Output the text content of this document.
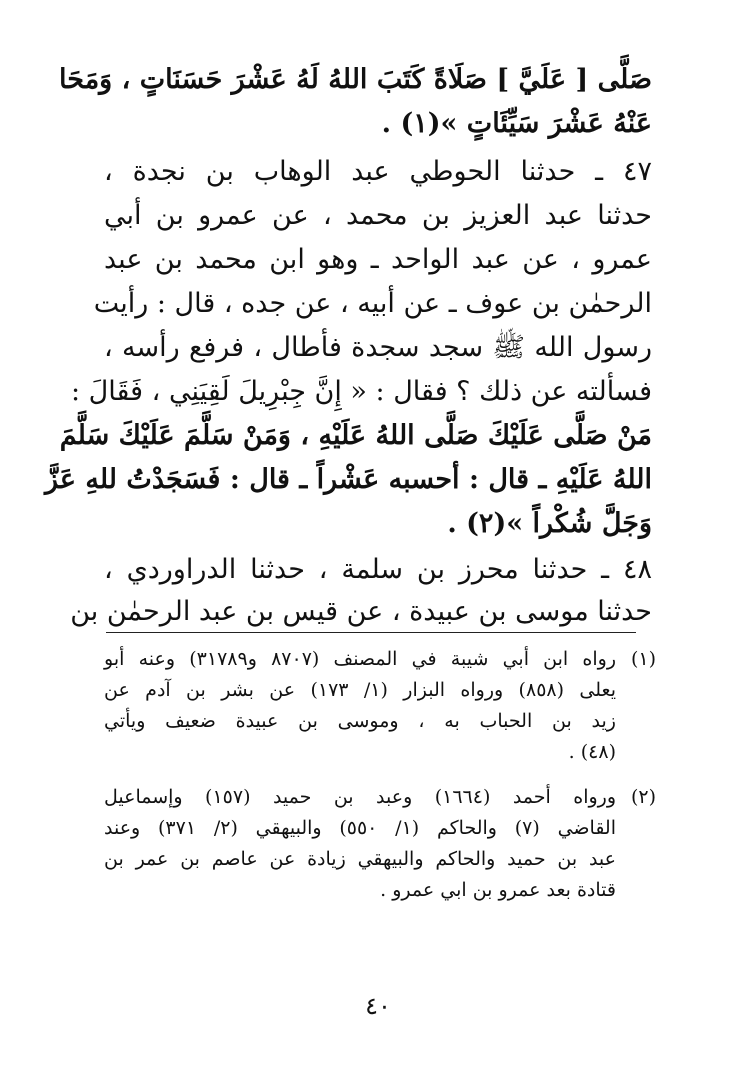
صَلَّى [ عَلَيَّ ] صَلَاةً كَتَبَ اللهُ لَهُ عَشْرَ حَسَنَاتٍ ، وَمَحَا
عَنْهُ عَشْرَ سَيِّئَاتٍ »(١) .
٤٧ ـ حدثنا الحوطي عبد الوهاب بن نجدة ،
حدثنا عبد العزيز بن محمد ، عن عمرو بن أبي
عمرو ، عن عبد الواحد ـ وهو ابن محمد بن عبد
الرحمٰن بن عوف ـ عن أبيه ، عن جده ، قال : رأيت
رسول الله ﷺ سجد سجدة فأطال ، فرفع رأسه ،
فسألته عن ذلك ؟ فقال : « إِنَّ جِبْرِيلَ لَقِيَنِي ، فَقَالَ :
مَنْ صَلَّى عَلَيْكَ صَلَّى اللهُ عَلَيْهِ ، وَمَنْ سَلَّمَ عَلَيْكَ سَلَّمَ
اللهُ عَلَيْهِ ـ قال : أحسبه عَشْراً ـ قال : فَسَجَدْتُ للهِ عَزَّ
وَجَلَّ شُكْراً »(٢) .
٤٨ ـ حدثنا محرز بن سلمة ، حدثنا الدراوردي ،
حدثنا موسى بن عبيدة ، عن قيس بن عبد الرحمٰن بن
(١)
رواه ابن أبي شيبة في المصنف (٨٧٠٧ و٣١٧٨٩) وعنه أبو
يعلى (٨٥٨) ورواه البزار (١/ ١٧٣) عن بشر بن آدم عن
زيد بن الحباب به ، وموسى بن عبيدة ضعيف ويأتي
(٤٨) .
(٢)
ورواه أحمد (١٦٦٤) وعبد بن حميد (١٥٧) وإسماعيل
القاضي (٧) والحاكم (١/ ٥٥٠) والبيهقي (٢/ ٣٧١) وعند
عبد بن حميد والحاكم والبيهقي زيادة عن عاصم بن عمر بن
قتادة بعد عمرو بن ابي عمرو .
٤٠
